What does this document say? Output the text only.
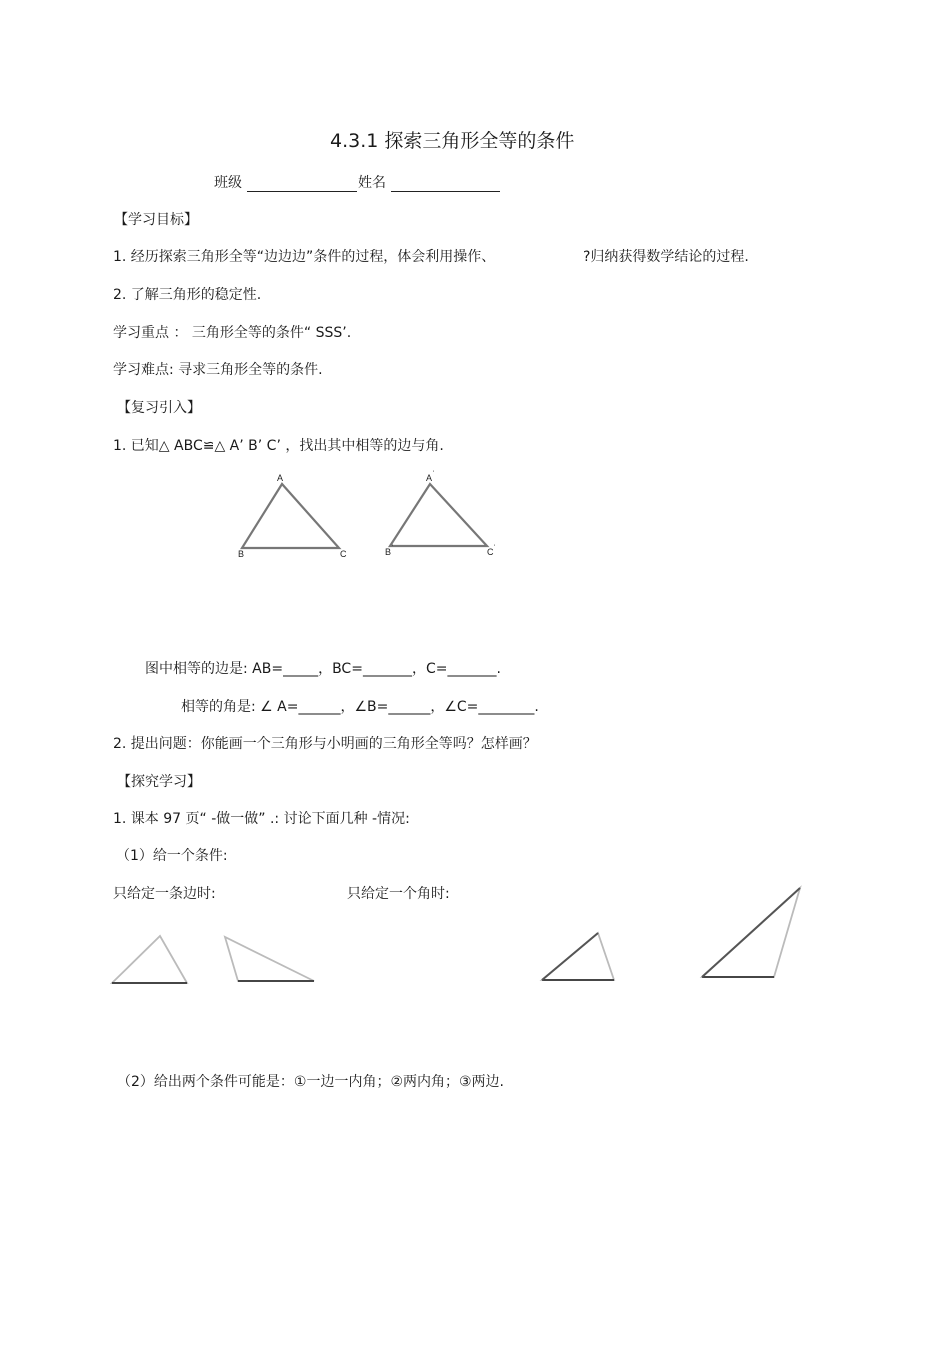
4.3.1 探索三角形全等的条件
班级	姓名
【学习目标】
1. 经历探索三角形全等“边边边”条件的过程，体会利用操作、	?归纳获得数学结论的过程.
2. 了解三角形的稳定性.
学习重点 ： 三角形全等的条件“ SSS’.
学习难点: 寻求三角形全等的条件.
【复习引入】
1. 已知△ ABC≌△ A’ B’ C’ ，找出其中相等的边与角.
A
B	C
A '
B '	C '
图中相等的边是: AB=_____，BC=_______，C=_______.
相等的角是: ∠ A=______，∠B=______，∠C=________.
2. 提出问题：你能画一个三角形与小明画的三角形全等吗？怎样画？
【探究学习】
1. 课本 97 页“ -做一做” .: 讨论下面几种 -情况:
（1）给一个条件:
只给定一条边时:	只给定一个角时:
（2）给出两个条件可能是：①一边一内角；②两内角；③两边.
